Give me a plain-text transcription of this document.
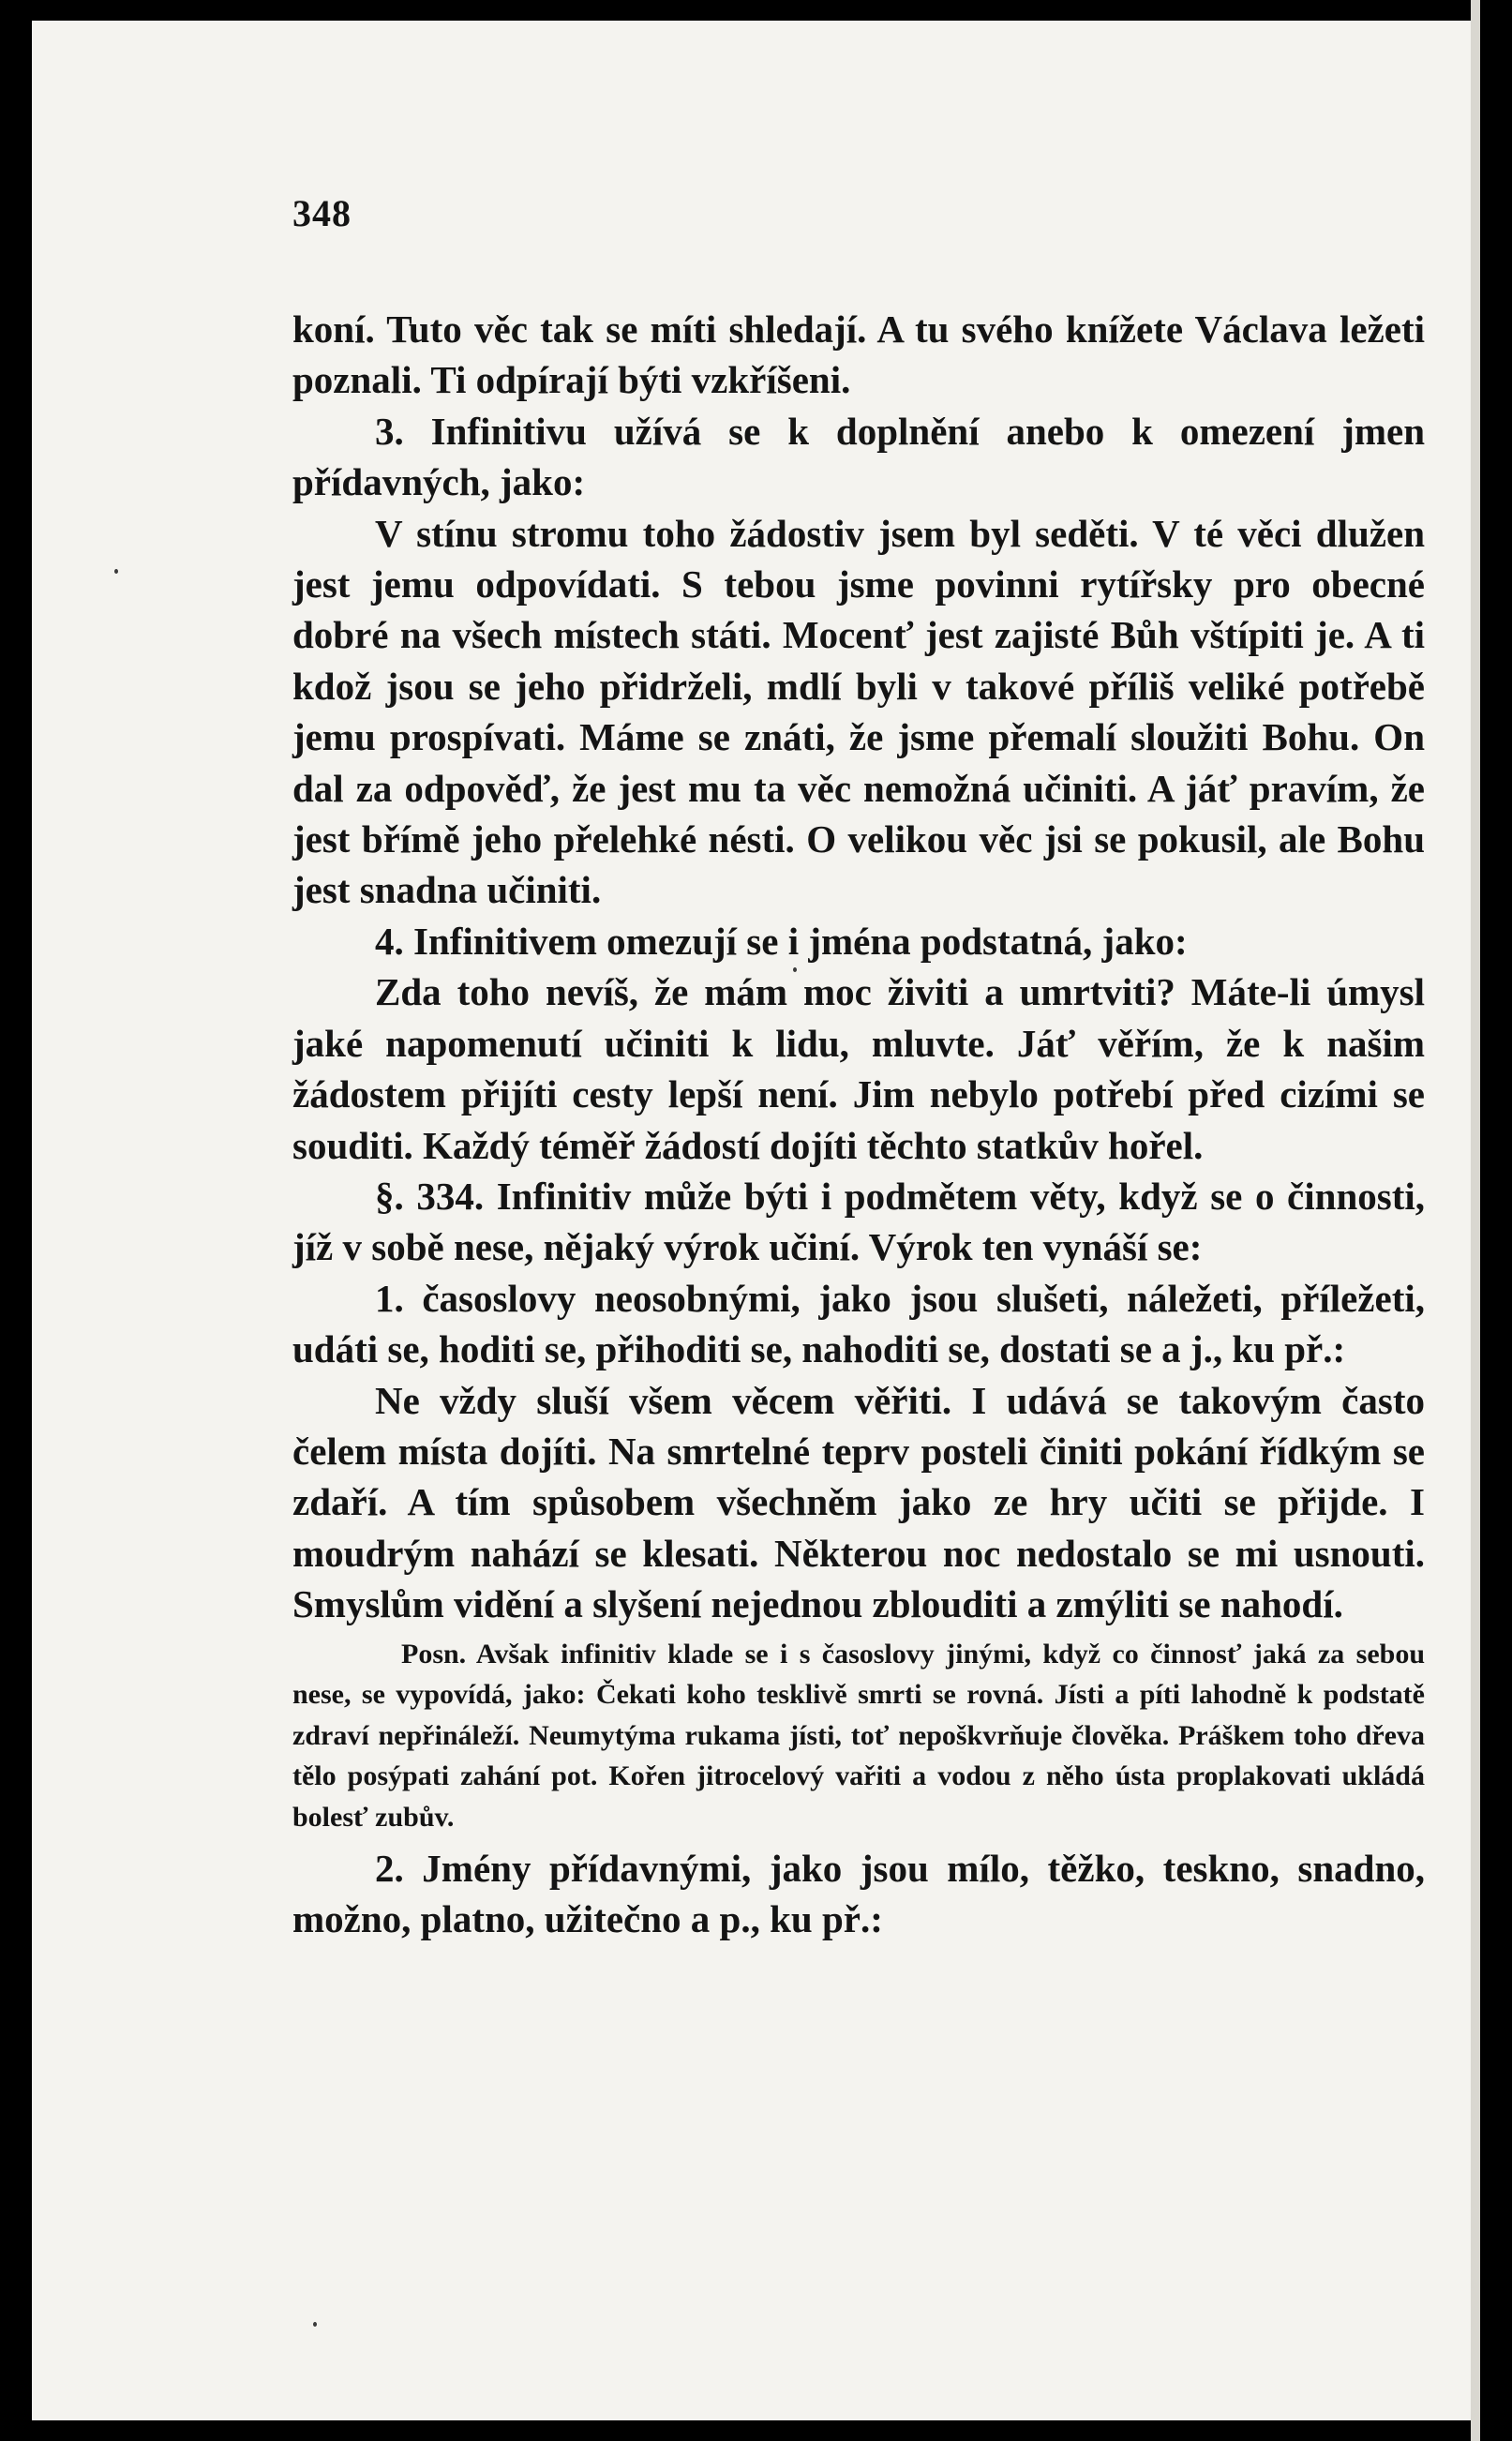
348

koní. Tuto věc tak se míti shledají. A tu svého knížete Václava ležeti poznali. Ti odpírají býti vzkříšeni.

3. Infinitivu užívá se k doplnění anebo k omezení jmen přídavných, jako:

V stínu stromu toho žádostiv jsem byl seděti. V té věci dlužen jest jemu odpovídati. S tebou jsme povinni rytířsky pro obecné dobré na všech místech státi. Mocenť jest zajisté Bůh vštípiti je. A ti kdož jsou se jeho přidrželi, mdlí byli v takové příliš veliké potřebě jemu prospívati. Máme se znáti, že jsme přemalí sloužiti Bohu. On dal za odpověď, že jest mu ta věc nemožná učiniti. A jáť pravím, že jest břímě jeho přelehké nésti. O velikou věc jsi se pokusil, ale Bohu jest snadna učiniti.

4. Infinitivem omezují se i jména podstatná, jako:

Zda toho nevíš, že mám moc živiti a umrtviti? Máte-li úmysl jaké napomenutí učiniti k lidu, mluvte. Jáť věřím, že k našim žádostem přijíti cesty lepší není. Jim nebylo potřebí před cizími se souditi. Každý téměř žádostí dojíti těchto statkův hořel.

§. 334. Infinitiv může býti i podmětem věty, když se o činnosti, jíž v sobě nese, nějaký výrok učiní. Výrok ten vynáší se:

1. časoslovy neosobnými, jako jsou slušeti, náležeti, příležeti, udáti se, hoditi se, přihoditi se, nahoditi se, dostati se a j., ku př.:

Ne vždy sluší všem věcem věřiti. I udává se takovým často čelem místa dojíti. Na smrtelné teprv posteli činiti pokání řídkým se zdaří. A tím spůsobem všechněm jako ze hry učiti se přijde. I moudrým nahází se klesati. Některou noc nedostalo se mi usnouti. Smyslům vidění a slyšení nejednou zblouditi a zmýliti se nahodí.

Posn. Avšak infinitiv klade se i s časoslovy jinými, když co činnosť jaká za sebou nese, se vypovídá, jako: Čekati koho tesklivě smrti se rovná. Jísti a píti lahodně k podstatě zdraví nepřináleží. Neumytýma rukama jísti, toť nepoškvrňuje člověka. Práškem toho dřeva tělo posýpati zahání pot. Kořen jitrocelový vařiti a vodou z něho ústa proplakovati ukládá bolesť zubův.

2. Jmény přídavnými, jako jsou mílo, těžko, teskno, snadno, možno, platno, užitečno a p., ku př.:
